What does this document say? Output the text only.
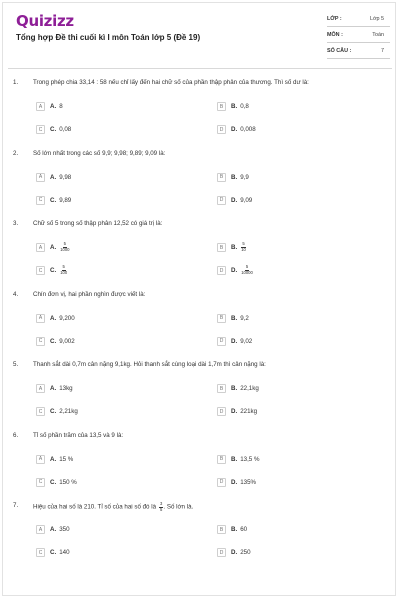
Quizizz
Tổng hợp Đề thi cuối kì I môn Toán lớp 5 (Đề 19)
LỚP :	Lớp 5
MÔN :	Toán
SỐ CÂU :	7
1. Trong phép chia 33,14 : 58 nếu chỉ lấy đến hai chữ số của phần thập phân của thương. Thì số dư là:
A	A. 8	B	B. 0,8
C	C. 0,08	D	D. 0,008
2. Số lớn nhất trong các số 9,9; 9,98; 9,89; 9,09 là:
A	A. 9,98	B	B. 9,9
C	C. 9,89	D	D. 9,09
3. Chữ số 5 trong số thập phân 12,52 có giá trị là:
A	A. $\frac{5}{1000}$	B	B. $\frac{5}{10}$
C	C. $\frac{5}{100}$	D	D. $\frac{5}{10000}$
4. Chín đơn vị, hai phần nghìn được viết là:
A	A. 9,200	B	B. 9,2
C	C. 9,002	D	D. 9,02
5. Thanh sắt dài 0,7m cân nặng 9,1kg. Hỏi thanh sắt cùng loại dài 1,7m thì cân nặng là:
A	A. 13kg	B	B. 22,1kg
C	C. 2,21kg	D	D. 221kg
6. Tỉ số phần trăm của 13,5 và 9 là:
A	A. 15 %	B	B. 13,5 %
C	C. 150 %	D	D. 135%
7. Hiệu của hai số là 210. Tỉ số của hai số đó là $\frac{3}{5}$ . Số lớn là.
A	A. 350	B	B. 60
C	C. 140	D	D. 250
